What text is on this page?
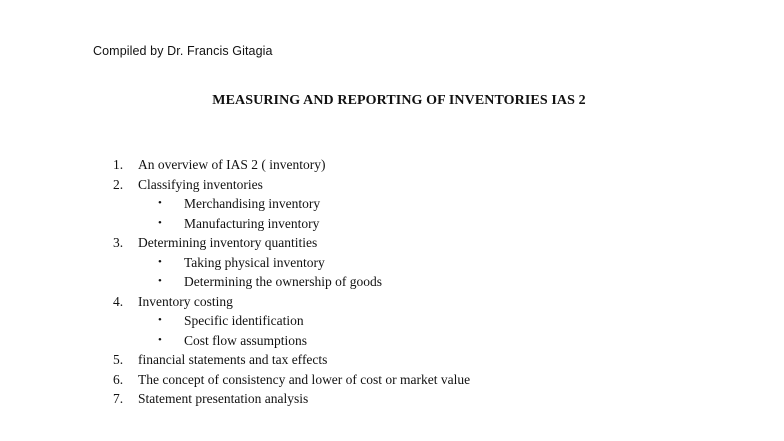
Compiled by Dr. Francis Gitagia
MEASURING AND REPORTING OF INVENTORIES IAS 2
1. An overview of IAS 2 ( inventory)
2. Classifying inventories
• Merchandising inventory
• Manufacturing inventory
3. Determining inventory quantities
• Taking physical inventory
• Determining the ownership of goods
4. Inventory costing
• Specific identification
• Cost flow assumptions
5. financial statements and tax effects
6. The concept of consistency and lower of cost or market value
7. Statement presentation analysis
